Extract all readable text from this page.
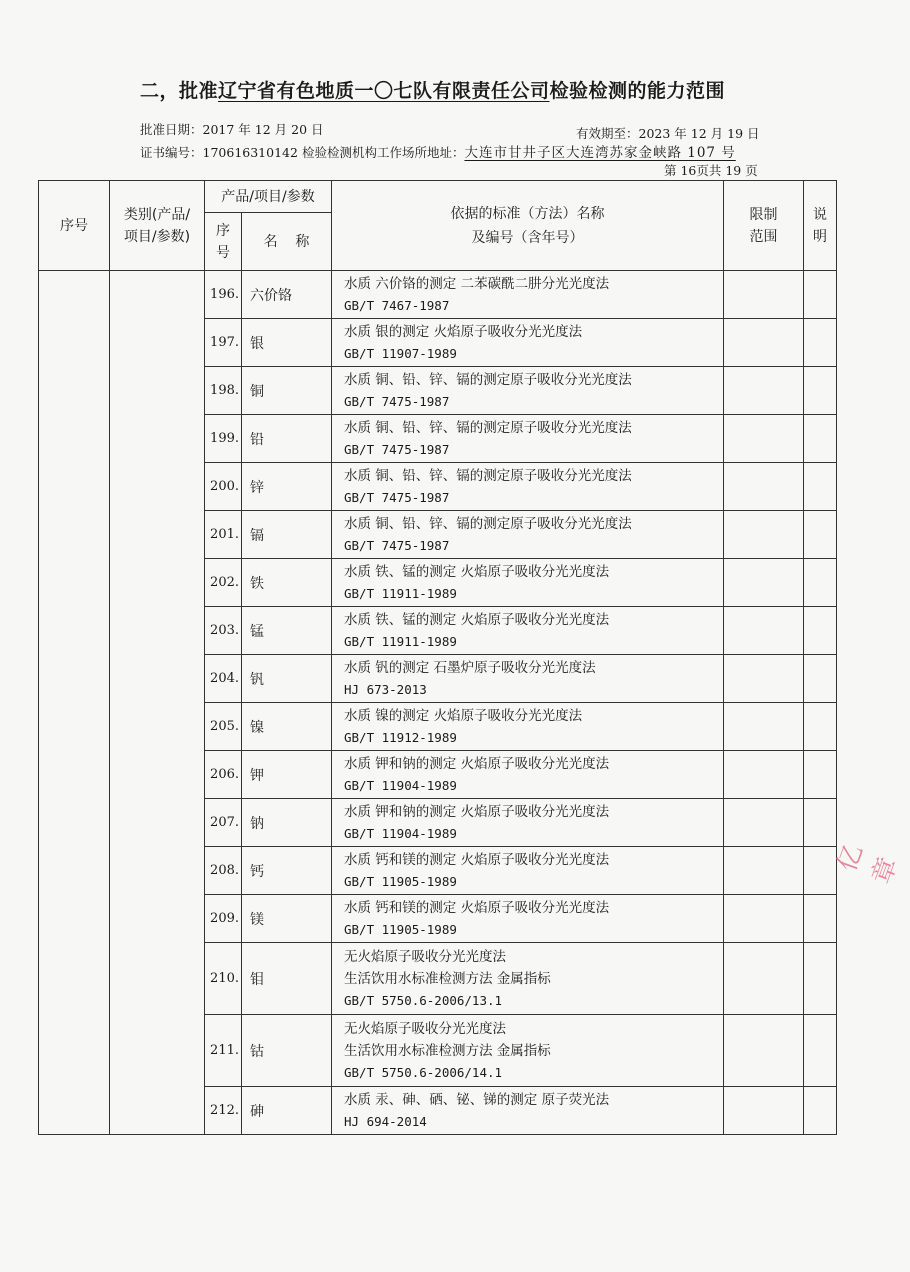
二，批准辽宁省有色地质一〇七队有限责任公司检验检测的能力范围
批准日期：2017 年 12 月 20 日	有效期至：2023 年 12 月 19 日
证书编号：170616310142 检验检测机构工作场所地址：大连市甘井子区大连湾苏家金峡路 107 号
第 16页共 19 页
序号	类别(产品/
项目/参数)	产品/项目/参数		依据的标准（方法）名称
及编号（含年号）	限制
范围	说
明

		序
号	名    称			
		196.	六价铬	水质 六价铬的测定 二苯碳酰二肼分光光度法
GB/T 7467-1987		

		197.	银	水质 银的测定 火焰原子吸收分光光度法
GB/T 11907-1989		

		198.	铜	水质 铜、铅、锌、镉的测定原子吸收分光光度法
GB/T 7475-1987		

		199.	铅	水质 铜、铅、锌、镉的测定原子吸收分光光度法
GB/T 7475-1987		

		200.	锌	水质 铜、铅、锌、镉的测定原子吸收分光光度法
GB/T 7475-1987		

		201.	镉	水质 铜、铅、锌、镉的测定原子吸收分光光度法
GB/T 7475-1987		

		202.	铁	水质 铁、锰的测定 火焰原子吸收分光光度法
GB/T 11911-1989		

		203.	锰	水质 铁、锰的测定 火焰原子吸收分光光度法
GB/T 11911-1989		

		204.	钒	水质 钒的测定 石墨炉原子吸收分光光度法
HJ 673-2013		

		205.	镍	水质 镍的测定 火焰原子吸收分光光度法
GB/T 11912-1989		

		206.	钾	水质 钾和钠的测定 火焰原子吸收分光光度法
GB/T 11904-1989		

		207.	钠	水质 钾和钠的测定 火焰原子吸收分光光度法
GB/T 11904-1989		

		208.	钙	水质 钙和镁的测定 火焰原子吸收分光光度法
GB/T 11905-1989		

		209.	镁	水质 钙和镁的测定 火焰原子吸收分光光度法
GB/T 11905-1989		

		210.	钼	无火焰原子吸收分光光度法
生活饮用水标准检测方法 金属指标
GB/T 5750.6-2006/13.1		

		211.	钴	无火焰原子吸收分光光度法
生活饮用水标准检测方法 金属指标
GB/T 5750.6-2006/14.1		

		212.	砷	水质 汞、砷、硒、铋、锑的测定 原子荧光法
HJ 694-2014		

亿 章
